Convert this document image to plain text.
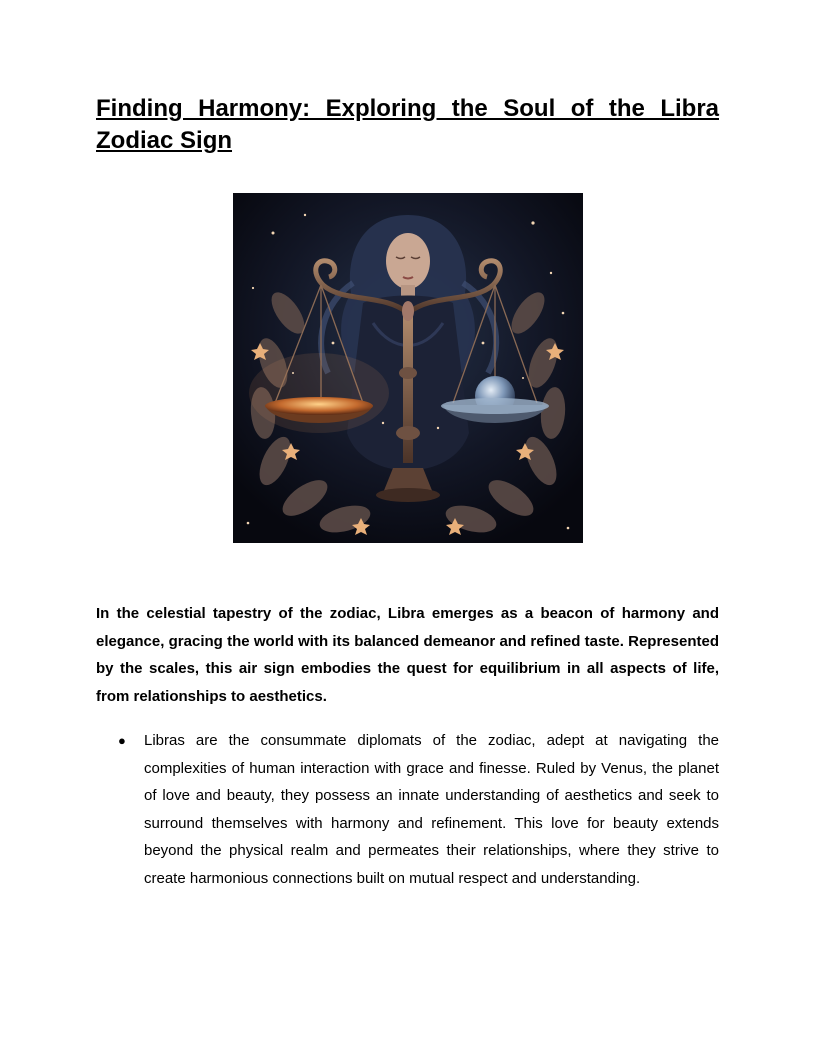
Finding Harmony: Exploring the Soul of the Libra Zodiac Sign

In the celestial tapestry of the zodiac, Libra emerges as a beacon of harmony and elegance, gracing the world with its balanced demeanor and refined taste. Represented by the scales, this air sign embodies the quest for equilibrium in all aspects of life, from relationships to aesthetics.

● Libras are the consummate diplomats of the zodiac, adept at navigating the complexities of human interaction with grace and finesse. Ruled by Venus, the planet of love and beauty, they possess an innate understanding of aesthetics and seek to surround themselves with harmony and refinement. This love for beauty extends beyond the physical realm and permeates their relationships, where they strive to create harmonious connections built on mutual respect and understanding.
